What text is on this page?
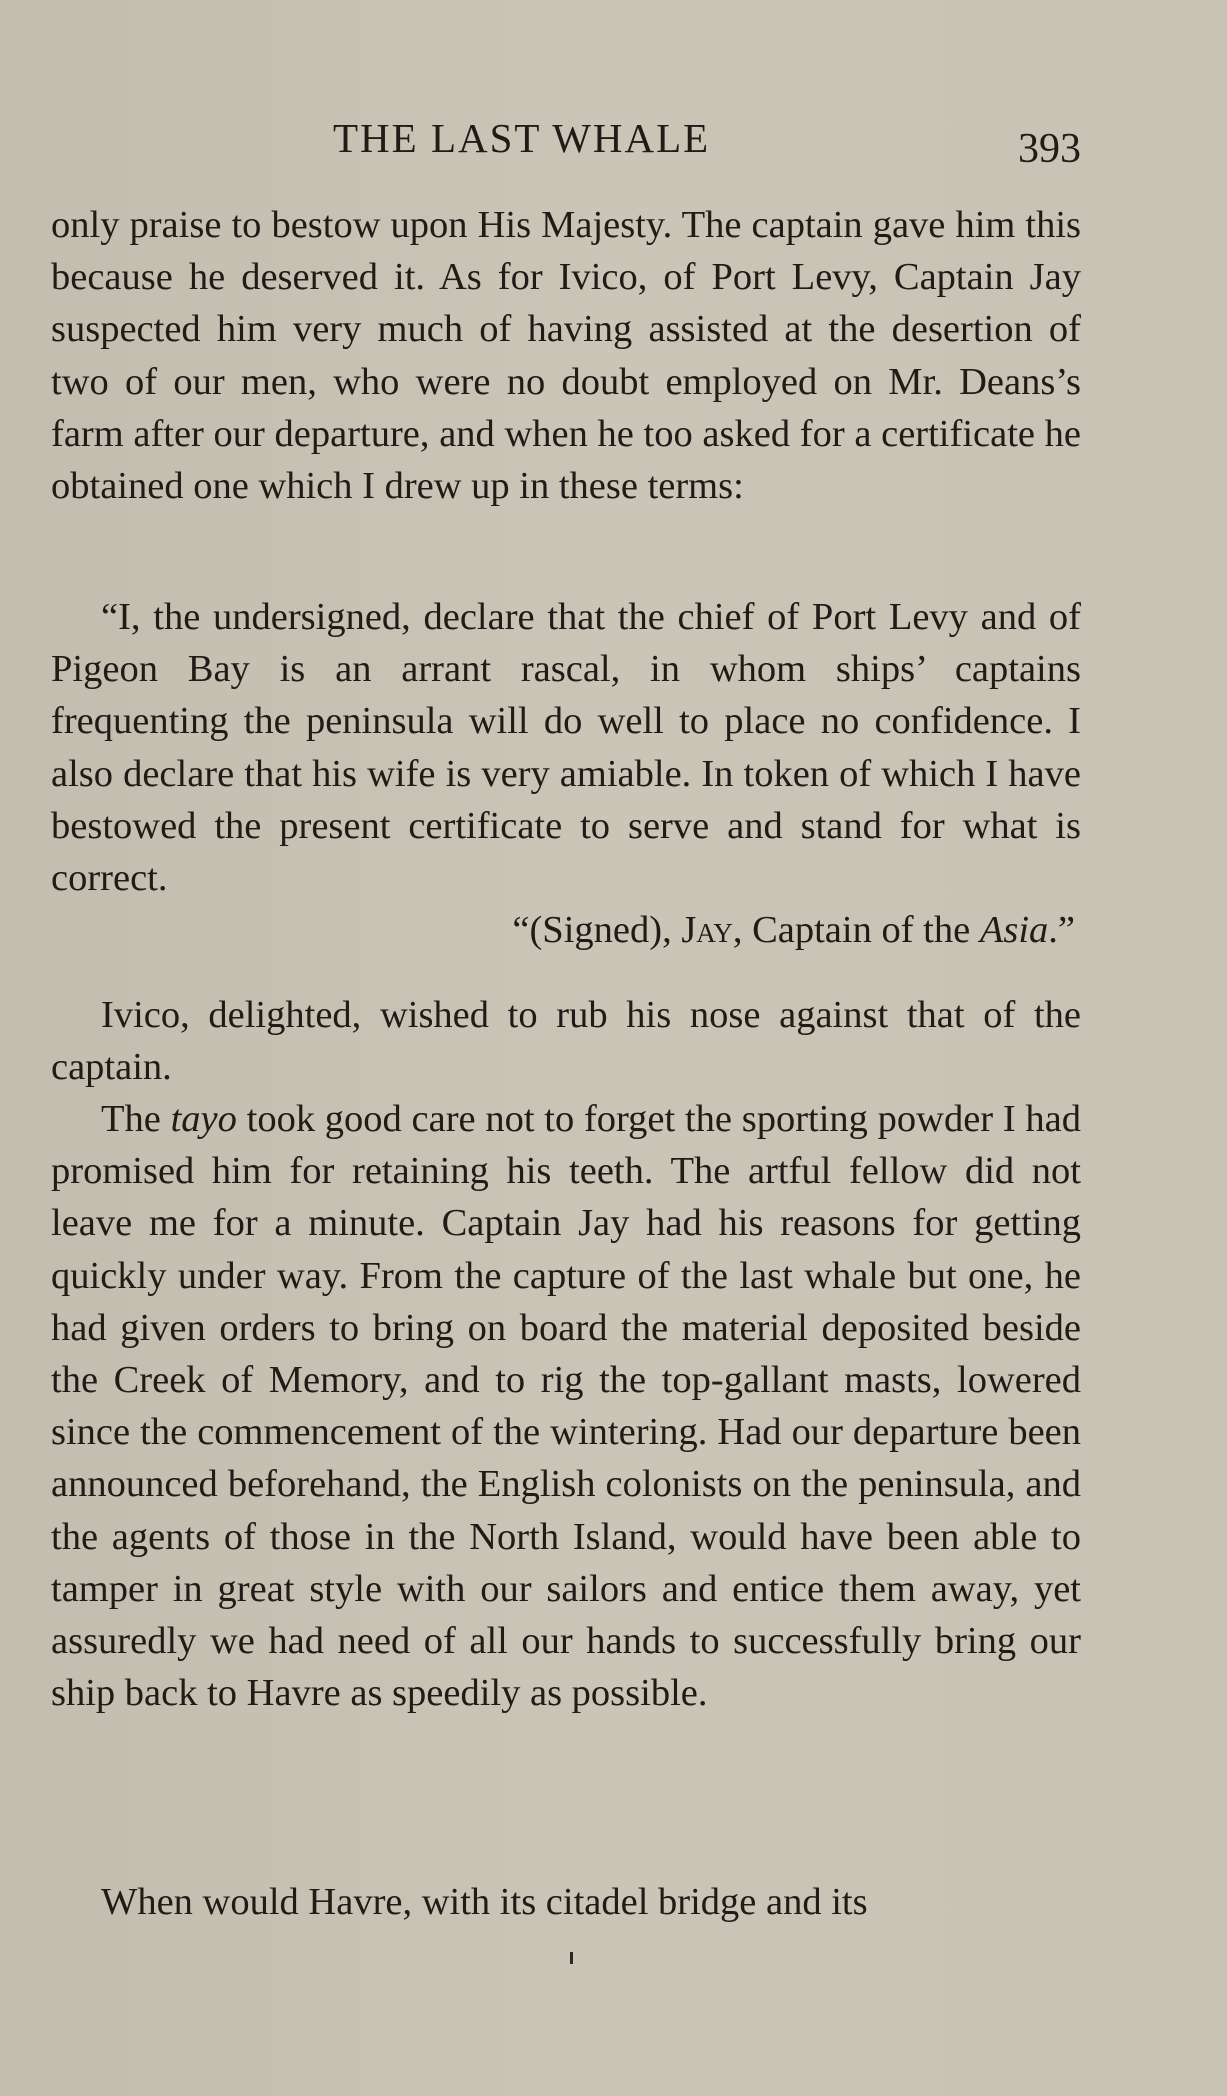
THE LAST WHALE	393

only praise to bestow upon His Majesty. The captain gave him this because he deserved it. As for Ivico, of Port Levy, Captain Jay suspected him very much of having assisted at the desertion of two of our men, who were no doubt employed on Mr. Deans’s farm after our departure, and when he too asked for a certificate he obtained one which I drew up in these terms:

“I, the undersigned, declare that the chief of Port Levy and of Pigeon Bay is an arrant rascal, in whom ships’ captains frequenting the peninsula will do well to place no confidence. I also declare that his wife is very amiable. In token of which I have bestowed the present certificate to serve and stand for what is correct.

“(Signed), Jay, Captain of the Asia.”

Ivico, delighted, wished to rub his nose against that of the captain.

The tayo took good care not to forget the sporting powder I had promised him for retaining his teeth. The artful fellow did not leave me for a minute. Captain Jay had his reasons for getting quickly under way. From the capture of the last whale but one, he had given orders to bring on board the material deposited beside the Creek of Memory, and to rig the top-gallant masts, lowered since the commencement of the wintering. Had our departure been announced beforehand, the English colonists on the peninsula, and the agents of those in the North Island, would have been able to tamper in great style with our sailors and entice them away, yet assuredly we had need of all our hands to successfully bring our ship back to Havre as speedily as possible.

When would Havre, with its citadel bridge and its
